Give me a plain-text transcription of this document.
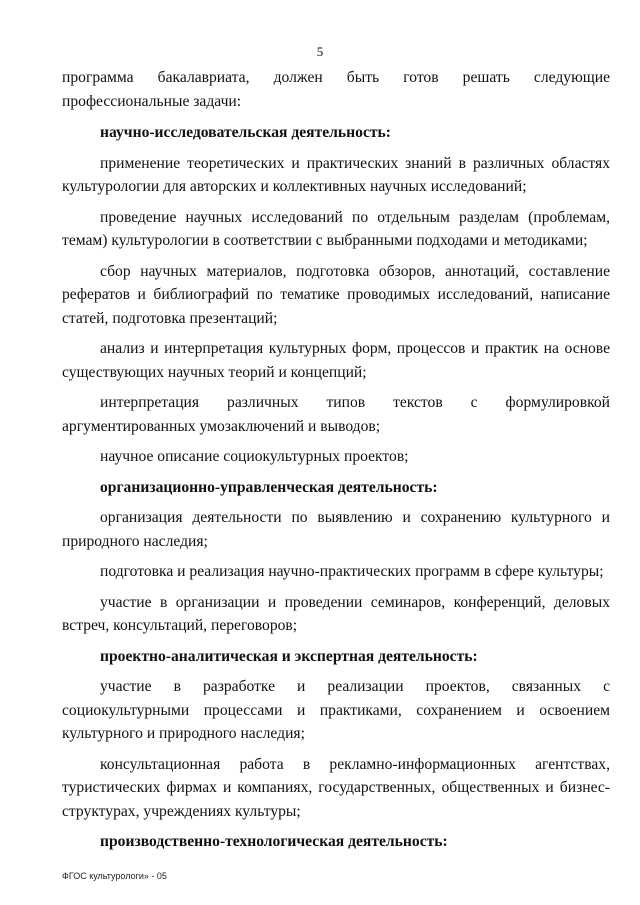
5

программа бакалавриата, должен быть готов решать следующие профессиональные задачи:

научно-исследовательская деятельность:

применение теоретических и практических знаний в различных областях культурологии для авторских и коллективных научных исследований;

проведение научных исследований по отдельным разделам (проблемам, темам) культурологии в соответствии с выбранными подходами и методиками;

сбор научных материалов, подготовка обзоров, аннотаций, составление рефератов и библиографий по тематике проводимых исследований, написание статей, подготовка презентаций;

анализ и интерпретация культурных форм, процессов и практик на основе существующих научных теорий и концепций;

интерпретация различных типов текстов с формулировкой аргументированных умозаключений и выводов;

научное описание социокультурных проектов;

организационно-управленческая деятельность:

организация деятельности по выявлению и сохранению культурного и природного наследия;

подготовка и реализация научно-практических программ в сфере культуры;

участие в организации и проведении семинаров, конференций, деловых встреч, консультаций, переговоров;

проектно-аналитическая и экспертная деятельность:

участие в разработке и реализации проектов, связанных с социокультурными процессами и практиками, сохранением и освоением культурного и природного наследия;

консультационная работа в рекламно-информационных агентствах, туристических фирмах и компаниях, государственных, общественных и бизнес-структурах, учреждениях культуры;

производственно-технологическая деятельность:

ФГОС культурологи» - 05
